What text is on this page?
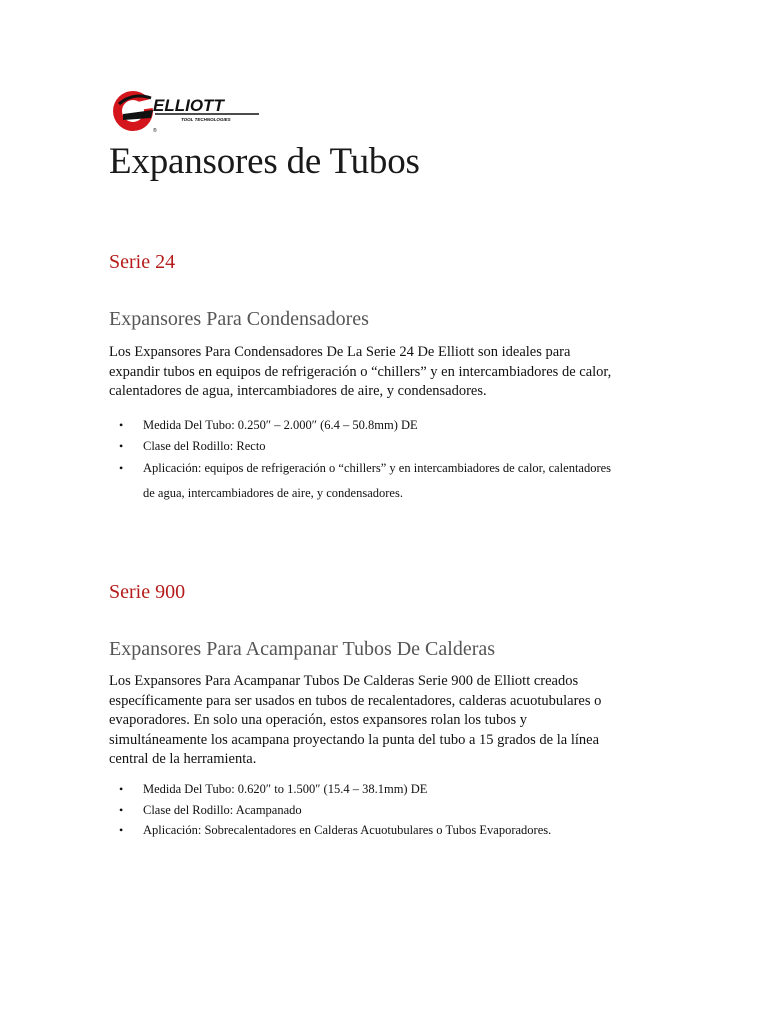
ELLIOTT
TOOL TECHNOLOGIES
®
Expansores de Tubos
Serie 24
Expansores Para Condensadores

Los Expansores Para Condensadores De La Serie 24 De Elliott son ideales para
expandir tubos en equipos de refrigeración o “chillers” y en intercambiadores de calor,
calentadores de agua, intercambiadores de aire, y condensadores.

• Medida Del Tubo: 0.250″ – 2.000″ (6.4 – 50.8mm) DE
• Clase del Rodillo: Recto
• Aplicación: equipos de refrigeración o “chillers” y en intercambiadores de calor, calentadores
de agua, intercambiadores de aire, y condensadores.
Serie 900
Expansores Para Acampanar Tubos De Calderas

Los Expansores Para Acampanar Tubos De Calderas Serie 900 de Elliott creados
específicamente para ser usados en tubos de recalentadores, calderas acuotubulares o
evaporadores. En solo una operación, estos expansores rolan los tubos y
simultáneamente los acampana proyectando la punta del tubo a 15 grados de la línea
central de la herramienta.

• Medida Del Tubo: 0.620″ to 1.500″ (15.4 – 38.1mm) DE
• Clase del Rodillo: Acampanado
• Aplicación: Sobrecalentadores en Calderas Acuotubulares o Tubos Evaporadores.
